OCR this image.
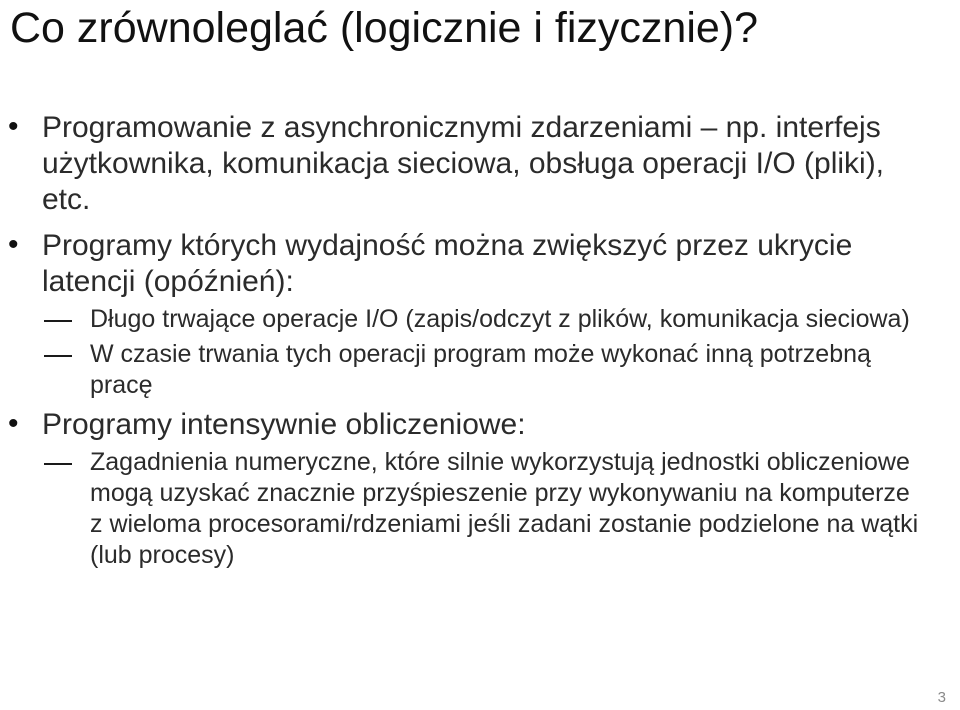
Co zrównoleglać (logicznie i fizycznie)?
• Programowanie z asynchronicznymi zdarzeniami – np. interfejs użytkownika, komunikacja sieciowa, obsługa operacji I/O (pliki), etc.
• Programy których wydajność można zwiększyć przez ukrycie latencji (opóźnień):
Długo trwające operacje I/O (zapis/odczyt z plików, komunikacja sieciowa)
W czasie trwania tych operacji program może wykonać inną potrzebną pracę
• Programy intensywnie obliczeniowe:
Zagadnienia numeryczne, które silnie wykorzystują jednostki obliczeniowe mogą uzyskać znacznie przyśpieszenie przy wykonywaniu na komputerze z wieloma procesorami/rdzeniami jeśli zadani zostanie podzielone na wątki (lub procesy)
3
